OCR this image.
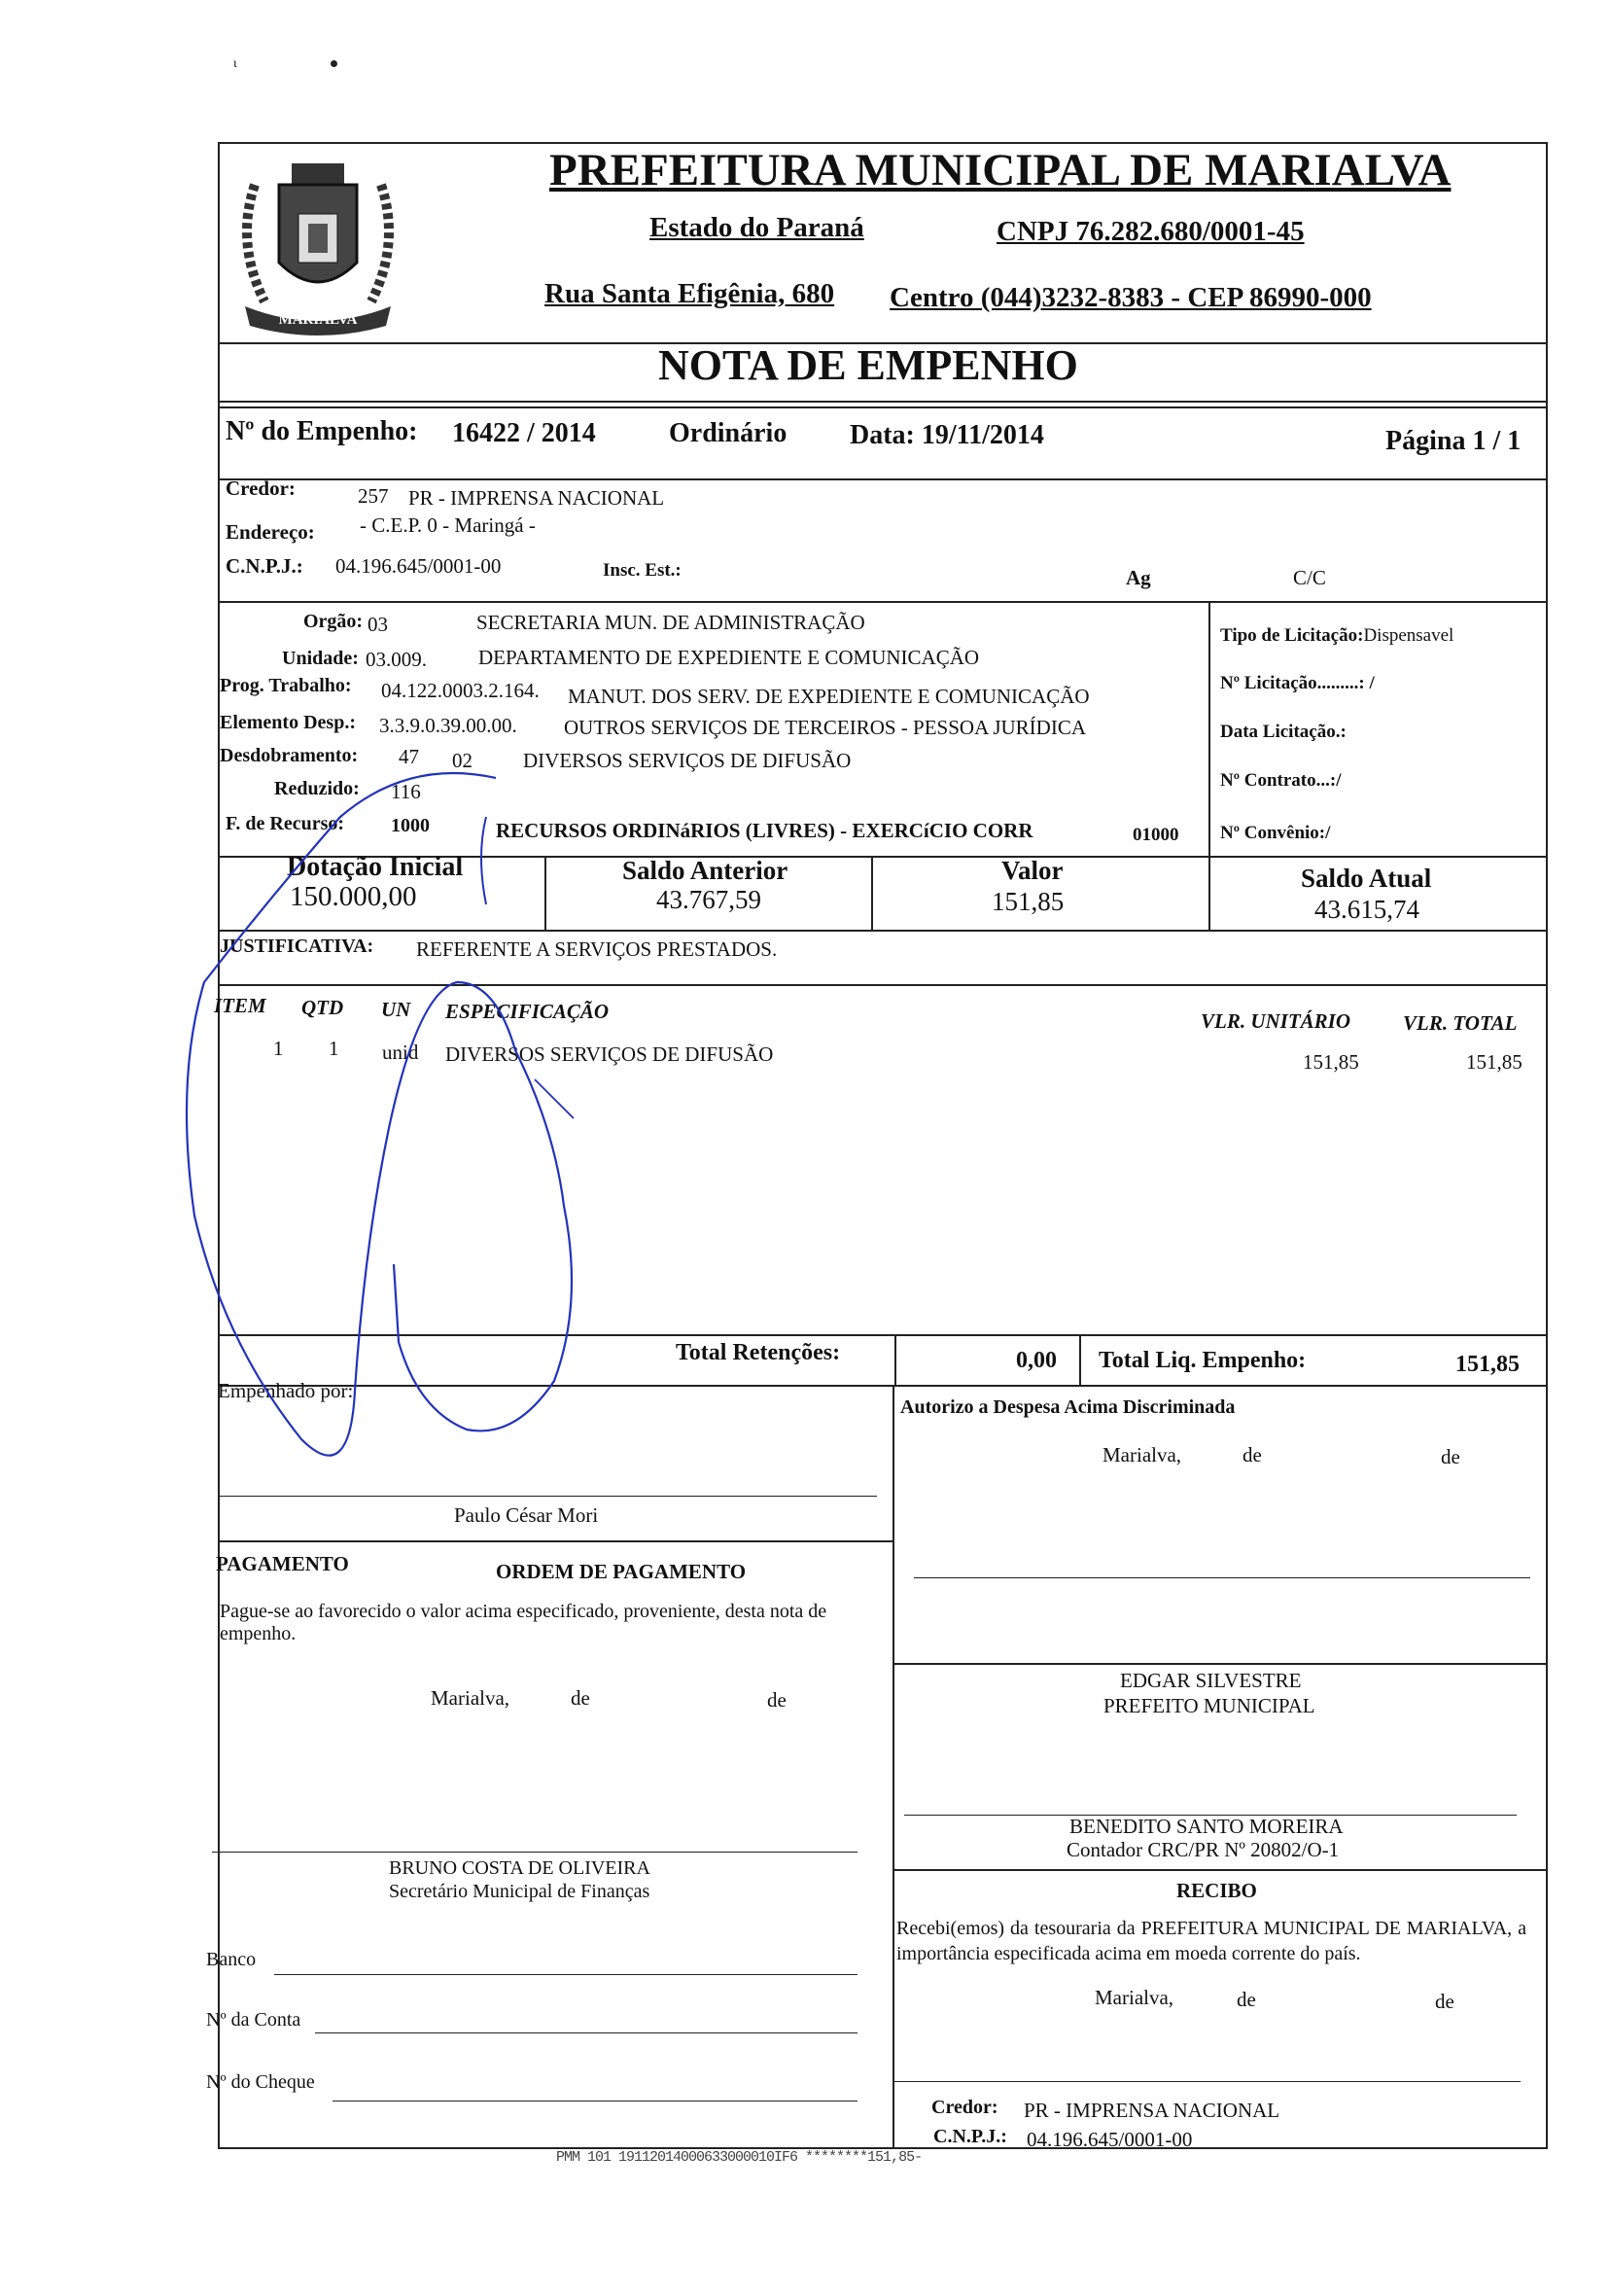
ɩ
MARIALVA
PREFEITURA MUNICIPAL DE MARIALVA
Estado do Paraná	CNPJ 76.282.680/0001-45
Rua Santa Efigênia, 680 Centro (044)3232-8383 - CEP 86990-000
NOTA DE EMPENHO
Nº do Empenho: 16422 / 2014	Ordinário Data: 19/11/2014	Página 1 / 1
Credor:	257 PR - IMPRENSA NACIONAL
Endereço: - C.E.P. 0 - Maringá -
C.N.P.J.: 04.196.645/0001-00	Insc. Est.:	Ag	C/C
Orgão: 03	SECRETARIA MUN. DE ADMINISTRAÇÃO
Unidade: 03.009.	DEPARTAMENTO DE EXPEDIENTE E COMUNICAÇÃO
Prog. Trabalho: 04.122.0003.2.164. MANUT. DOS SERV. DE EXPEDIENTE E COMUNICAÇÃO
Elemento Desp.: 3.3.9.0.39.00.00. OUTROS SERVIÇOS DE TERCEIROS - PESSOA JURÍDICA
Desdobramento: 47 02 DIVERSOS SERVIÇOS DE DIFUSÃO
Reduzido: 116
F. de Recurso: 1000	RECURSOS ORDINáRIOS (LIVRES) - EXERCíCIO CORR	01000
Tipo de Licitação:Dispensavel
Nº Licitação.........: /
Data Licitação.:
Nº Contrato...:/
Nº Convênio:/
Dotação Inicial
150.000,00
Saldo Anterior
43.767,59
Valor
151,85
Saldo Atual
43.615,74
JUSTIFICATIVA: REFERENTE A SERVIÇOS PRESTADOS.
ITEM QTD UN ESPECIFICAÇÃO	VLR. UNITÁRIO	VLR. TOTAL
1 1 unid DIVERSOS SERVIÇOS DE DIFUSÃO	151,85	151,85
Total Retenções:	0,00 Total Liq. Empenho:	151,85
Empenhado por:
Paulo César Mori
Autorizo a Despesa Acima Discriminada
Marialva,	de	de
PAGAMENTO	ORDEM DE PAGAMENTO
Pague-se ao favorecido o valor acima especificado, proveniente, desta nota de empenho.
Marialva,	de	de
BRUNO COSTA DE OLIVEIRA
Secretário Municipal de Finanças
Banco
Nº da Conta
Nº do Cheque
EDGAR SILVESTRE
PREFEITO MUNICIPAL
BENEDITO SANTO MOREIRA
Contador CRC/PR Nº 20802/O-1
RECIBO
Recebi(emos) da tesouraria da PREFEITURA MUNICIPAL DE MARIALVA, a importância especificada acima em moeda corrente do país.
Marialva,	de	de
Credor: PR - IMPRENSA NACIONAL
C.N.P.J.: 04.196.645/0001-00
PMM 101 19112014000633000010IF6 ********151,85-
